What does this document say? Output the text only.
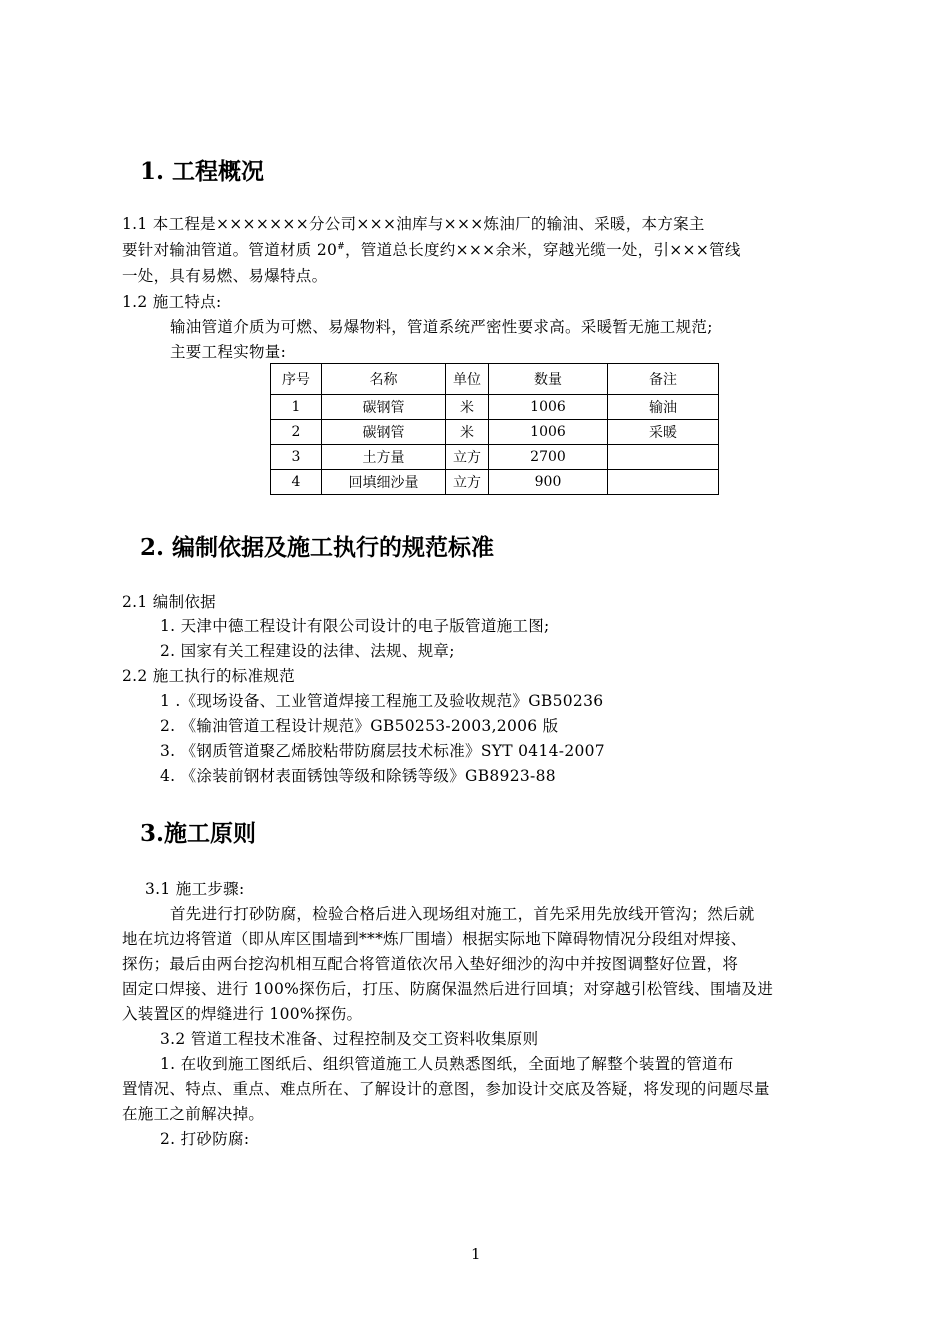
1. 工程概况
1.1 本工程是×××××××分公司×××油库与×××炼油厂的输油、采暖，本方案主
要针对输油管道。管道材质 20#，管道总长度约×××余米，穿越光缆一处，引×××管线
一处，具有易燃、易爆特点。
1.2 施工特点:
输油管道介质为可燃、易爆物料，管道系统严密性要求高。采暖暂无施工规范;
主要工程实物量:
序号	名称	单位	数量	备注
1	碳钢管	米	1006	输油
2	碳钢管	米	1006	采暖
3	土方量	立方	2700	
4	回填细沙量	立方	900	
2. 编制依据及施工执行的规范标准
2.1 编制依据
1. 天津中德工程设计有限公司设计的电子版管道施工图;
2. 国家有关工程建设的法律、法规、规章;
2.2 施工执行的标准规范
1 .《现场设备、工业管道焊接工程施工及验收规范》GB50236
2. 《输油管道工程设计规范》GB50253-2003,2006 版
3. 《钢质管道聚乙烯胶粘带防腐层技术标准》SYT 0414-2007
4. 《涂装前钢材表面锈蚀等级和除锈等级》GB8923-88
3.施工原则
3.1 施工步骤:
首先进行打砂防腐，检验合格后进入现场组对施工，首先采用先放线开管沟；然后就
地在坑边将管道（即从库区围墙到***炼厂围墙）根据实际地下障碍物情况分段组对焊接、
探伤；最后由两台挖沟机相互配合将管道依次吊入垫好细沙的沟中并按图调整好位置，将
固定口焊接、进行 100%探伤后，打压、防腐保温然后进行回填；对穿越引松管线、围墙及进
入装置区的焊缝进行 100%探伤。
3.2 管道工程技术准备、过程控制及交工资料收集原则
1. 在收到施工图纸后、组织管道施工人员熟悉图纸，全面地了解整个装置的管道布
置情况、特点、重点、难点所在、了解设计的意图，参加设计交底及答疑，将发现的问题尽量
在施工之前解决掉。
2. 打砂防腐:
1
